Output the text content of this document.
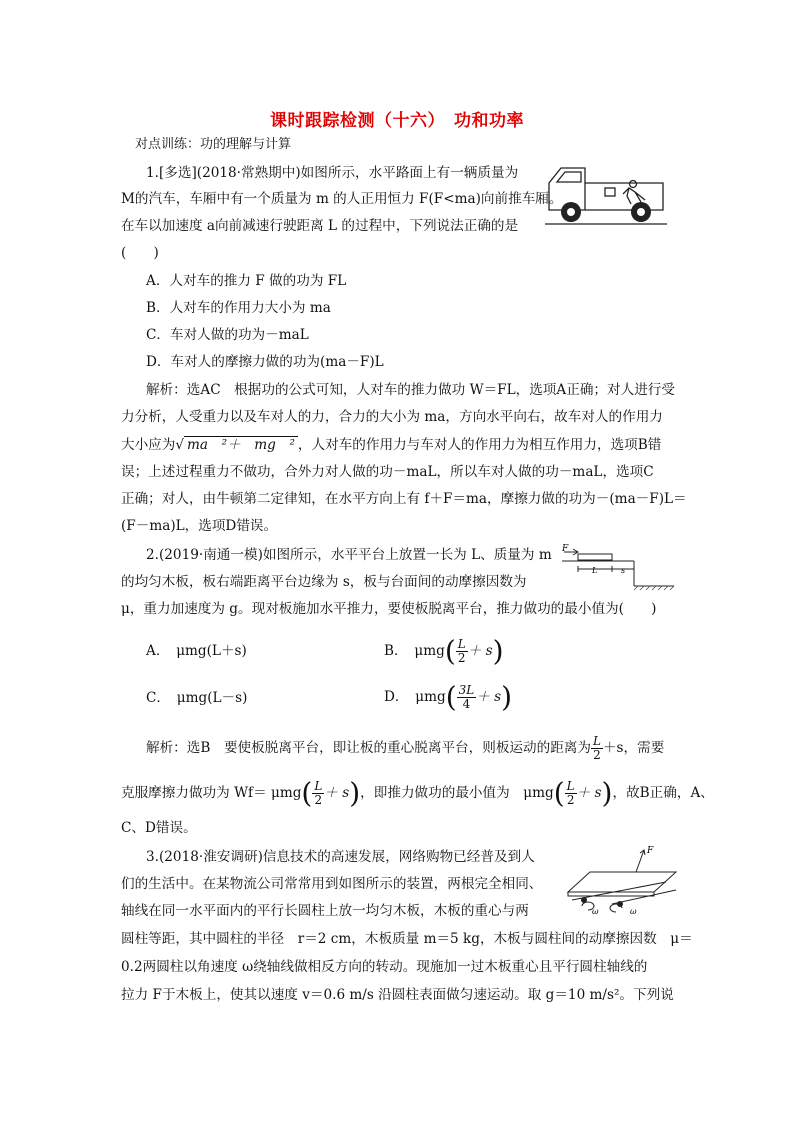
课时跟踪检测（十六）　功和功率
对点训练：功的理解与计算
1.[多选](2018·常熟期中)如图所示，水平路面上有一辆质量为
M的汽车，车厢中有一个质量为 m 的人正用恒力 F(F<ma)向前推车厢。
在车以加速度 a向前减速行驶距离 L 的过程中，下列说法正确的是
(　　)
A．人对车的推力 F 做的功为 FL
B．人对车的作用力大小为 ma
C．车对人做的功为－maL
D．车对人的摩擦力做的功为(ma－F)L
解析：选AC　根据功的公式可知，人对车的推力做功 W＝FL，选项A正确；对人进行受
力分析，人受重力以及车对人的力，合力的大小为 ma，方向水平向右，故车对人的作用力
大小应为√ ma　²＋　mg　² ，人对车的作用力与车对人的作用力为相互作用力，选项B错
误；上述过程重力不做功，合外力对人做的功－maL，所以车对人做的功－maL，选项C
正确；对人，由牛顿第二定律知，在水平方向上有 f＋F＝ma，摩擦力做的功为－(ma－F)L＝
(F－ma)L，选项D错误。
2.(2019·南通一模)如图所示，水平平台上放置一长为 L、质量为 m
的均匀木板，板右端距离平台边缘为 s，板与台面间的动摩擦因数为
μ，重力加速度为 g。现对板施加水平推力，要使板脱离平台，推力做功的最小值为(　　)
F
L	s
A．　μmg(L＋s)	B．　$\mu mg( \frac{L}{2} + s)$
C．　μmg(L－s)	D．　$\mu mg( \frac{3L}{4} + s)$
解析：选B　要使板脱离平台，即让板的重心脱离平台，则板运动的距离为 $\frac{L}{2} +s$，需要
克服摩擦力做功为 $Wf= \mu mg( \frac{L}{2} + s)$，即推力做功的最小值为　$\mu mg( \frac{L}{2} + s)$，故B正确，A、
C、D错误。
3.(2018·淮安调研)信息技术的高速发展，网络购物已经普及到人
们的生活中。在某物流公司常常用到如图所示的装置，两根完全相同、
轴线在同一水平面内的平行长圆柱上放一均匀木板，木板的重心与两
圆柱等距，其中圆柱的半径　r＝2 cm，木板质量 m＝5 kg，木板与圆柱间的动摩擦因数　μ＝
0.2两圆柱以角速度 ω绕轴线做相反方向的转动。现施加一过木板重心且平行圆柱轴线的
拉力 F于木板上，使其以速度 v＝0.6 m/s 沿圆柱表面做匀速运动。取 g＝10 m/s²。下列说
F
ω	ω
